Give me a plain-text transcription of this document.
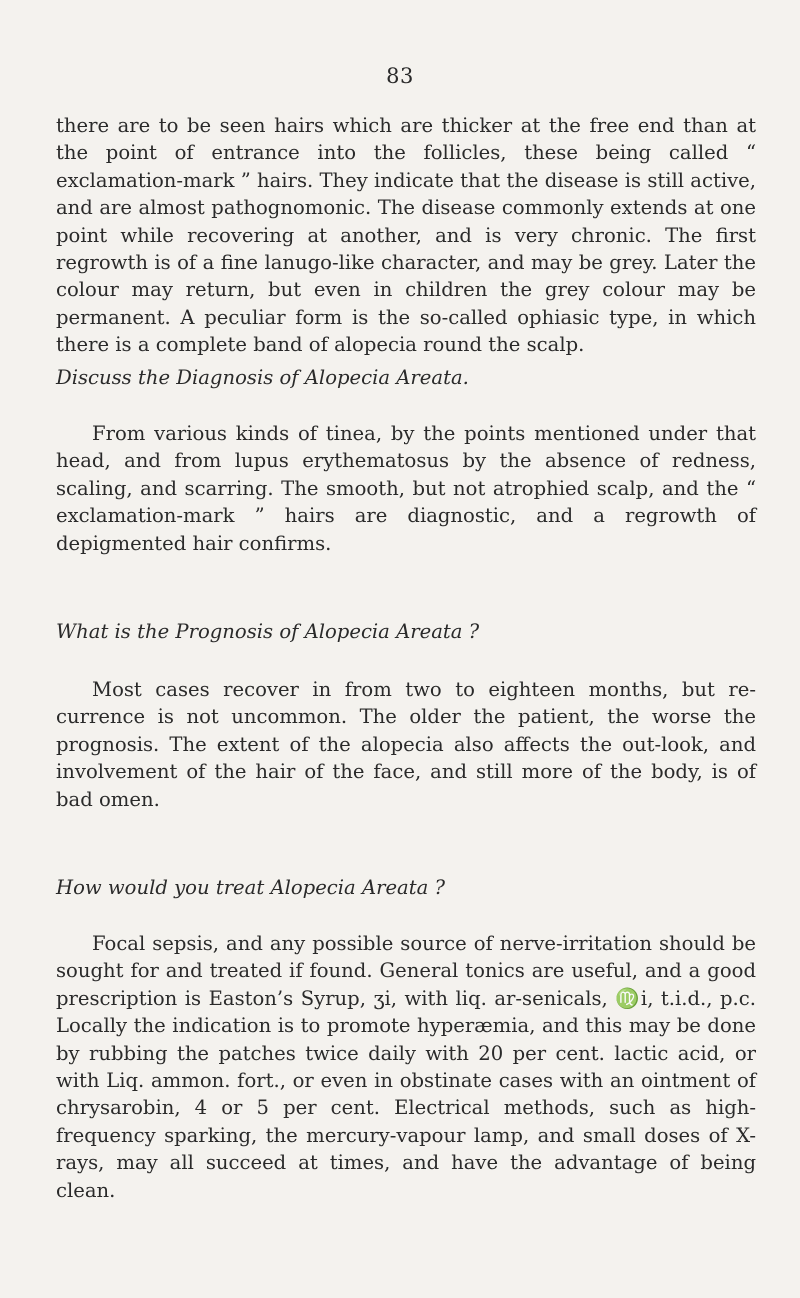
83

there are to be seen hairs which are thicker at the free end than at the point of entrance into the follicles, these being called “ exclamation-mark ” hairs. They indicate that the disease is still active, and are almost pathognomonic. The disease commonly extends at one point while recovering at another, and is very chronic. The first regrowth is of a fine lanugo-like character, and may be grey. Later the colour may return, but even in children the grey colour may be permanent. A peculiar form is the so-called ophiasic type, in which there is a complete band of alopecia round the scalp.

Discuss the Diagnosis of Alopecia Areata.

From various kinds of tinea, by the points mentioned under that head, and from lupus erythematosus by the absence of redness, scaling, and scarring. The smooth, but not atrophied scalp, and the “ exclamation-mark ” hairs are diagnostic, and a regrowth of depigmented hair confirms.

What is the Prognosis of Alopecia Areata ?

Most cases recover in from two to eighteen months, but re-currence is not uncommon. The older the patient, the worse the prognosis. The extent of the alopecia also affects the out-look, and involvement of the hair of the face, and still more of the body, is of bad omen.

How would you treat Alopecia Areata ?

Focal sepsis, and any possible source of nerve-irritation should be sought for and treated if found. General tonics are useful, and a good prescription is Easton’s Syrup, ʒi, with liq. ar-senicals, ♍i, t.i.d., p.c. Locally the indication is to promote hyperæmia, and this may be done by rubbing the patches twice daily with 20 per cent. lactic acid, or with Liq. ammon. fort., or even in obstinate cases with an ointment of chrysarobin, 4 or 5 per cent. Electrical methods, such as high-frequency sparking, the mercury-vapour lamp, and small doses of X-rays, may all succeed at times, and have the advantage of being clean.
